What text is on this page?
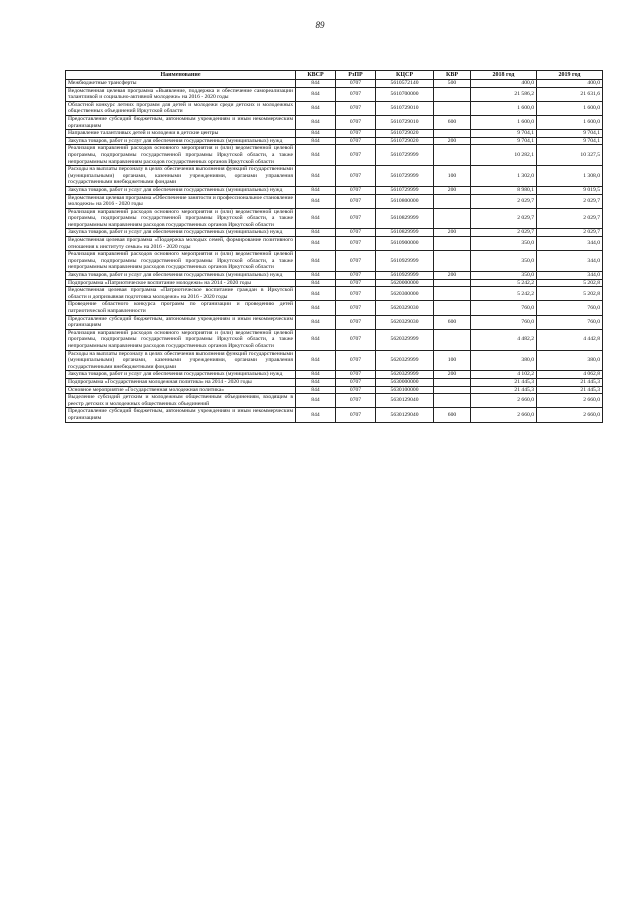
89
Наименование	КВСР	РзПР	КЦСР	КВР	2018 год	2019 год
Межбюджетные трансферты	844	0707	5610572140	500	400,0	400,0
Ведомственная целевая программа «Выявление, поддержка и обеспечение самореализации талантливой и социально-активной молодежи» на 2016 - 2020 годы	844	0707	5610700000		21 586,2	21 631,6
Областной конкурс летних программ для детей и молодежи среди детских и молодежных общественных объединений Иркутской области	844	0707	5610729010		1 600,0	1 600,0
Предоставление субсидий бюджетным, автономным учреждениям и иным некоммерческим организациям	844	0707	5610729010	600	1 600,0	1 600,0
Направление талантливых детей и молодежи в детские центры	844	0707	5610729020		9 704,1	9 704,1
Закупка товаров, работ и услуг для обеспечения государственных (муниципальных) нужд	844	0707	5610729020	200	9 704,1	9 704,1
Реализация направлений расходов основного мероприятия и (или) ведомственной целевой программы, подпрограммы государственной программы Иркутской области, а также непрограммным направлениям расходов государственных органов Иркутской области	844	0707	5610729999		10 282,1	10 327,5
Расходы на выплаты персоналу в целях обеспечения выполнения функций государственными (муниципальными) органами, казенными учреждениями, органами управления государственными внебюджетными фондами	844	0707	5610729999	100	1 302,0	1 308,0
Закупка товаров, работ и услуг для обеспечения государственных (муниципальных) нужд	844	0707	5610729999	200	8 980,1	9 019,5
Ведомственная целевая программа «Обеспечение занятости и профессиональное становление молодежи» на 2016 - 2020 годы	844	0707	5610800000		2 029,7	2 029,7
Реализация направлений расходов основного мероприятия и (или) ведомственной целевой программы, подпрограммы государственной программы Иркутской области, а также непрограммным направлениям расходов государственных органов Иркутской области	844	0707	5610829999		2 029,7	2 029,7
Закупка товаров, работ и услуг для обеспечения государственных (муниципальных) нужд	844	0707	5610829999	200	2 029,7	2 029,7
Ведомственная целевая программа «Поддержка молодых семей, формирование позитивного отношения к институту семьи» на 2016 - 2020 годы	844	0707	5610900000		350,0	344,0
Реализация направлений расходов основного мероприятия и (или) ведомственной целевой программы, подпрограммы государственной программы Иркутской области, а также непрограммным направлениям расходов государственных органов Иркутской области	844	0707	5610929999		350,0	344,0
Закупка товаров, работ и услуг для обеспечения государственных (муниципальных) нужд	844	0707	5610929999	200	350,0	344,0
Подпрограмма «Патриотическое воспитание молодежи» на 2014 - 2020 годы	844	0707	5620000000		5 242,2	5 202,8
Ведомственная целевая программа «Патриотическое воспитание граждан в Иркутской области и допризывная подготовка молодежи» на 2016 - 2020 годы	844	0707	5620300000		5 242,2	5 202,8
Проведение областного конкурса программ по организации и проведению детей патриотической направленности	844	0707	5620329030		760,0	760,0
Предоставление субсидий бюджетным, автономным учреждениям и иным некоммерческим организациям	844	0707	5620329030	600	760,0	760,0
Реализация направлений расходов основного мероприятия и (или) ведомственной целевой программы, подпрограммы государственной программы Иркутской области, а также непрограммным направлениям расходов государственных органов Иркутской области	844	0707	5620329999		4 482,2	4 442,8
Расходы на выплаты персоналу в целях обеспечения выполнения функций государственными (муниципальными) органами, казенными учреждениями, органами управления государственными внебюджетными фондами	844	0707	5620329999	100	380,0	380,0
Закупка товаров, работ и услуг для обеспечения государственных (муниципальных) нужд	844	0707	5620329999	200	4 102,2	4 062,8
Подпрограмма «Государственная молодежная политика» на 2014 - 2020 годы	844	0707	5630000000		21 445,3	21 445,3
Основное мероприятие «Государственная молодежная политика»	844	0707	5630100000		21 445,3	21 445,3
Выделение субсидий детским и молодежным общественным объединениям, входящим в реестр детских и молодежных общественных объединений	844	0707	5630129040		2 660,0	2 660,0
Предоставление субсидий бюджетным, автономным учреждениям и иным некоммерческим организациям	844	0707	5630129040	600	2 660,0	2 660,0
